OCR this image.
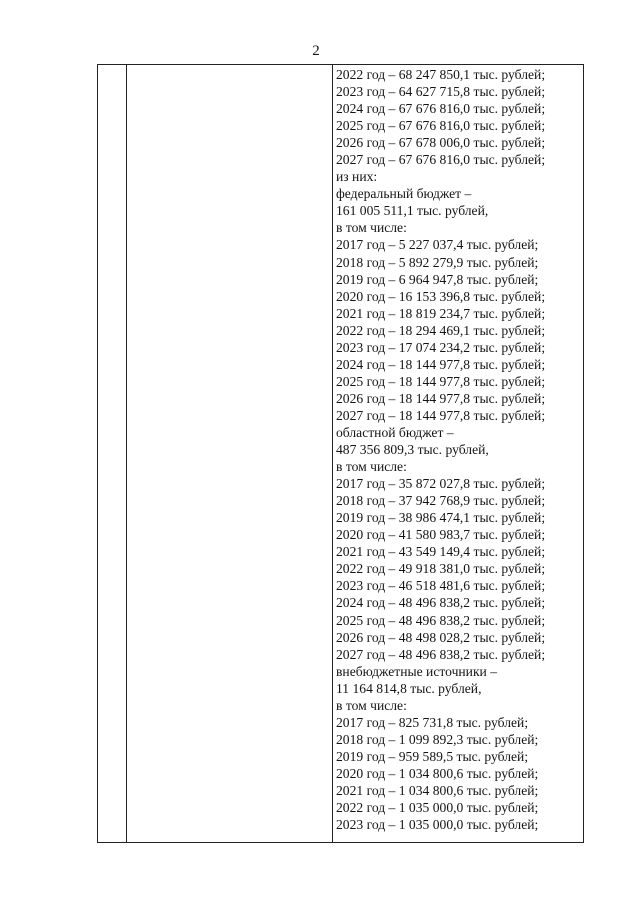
2

2022 год – 68 247 850,1 тыс. рублей;
2023 год – 64 627 715,8 тыс. рублей;
2024 год – 67 676 816,0 тыс. рублей;
2025 год – 67 676 816,0 тыс. рублей;
2026 год – 67 678 006,0 тыс. рублей;
2027 год – 67 676 816,0 тыс. рублей;
из них:
федеральный бюджет –
161 005 511,1 тыс. рублей,
в том числе:
2017 год – 5 227 037,4 тыс. рублей;
2018 год – 5 892 279,9 тыс. рублей;
2019 год – 6 964 947,8 тыс. рублей;
2020 год – 16 153 396,8 тыс. рублей;
2021 год – 18 819 234,7 тыс. рублей;
2022 год – 18 294 469,1 тыс. рублей;
2023 год – 17 074 234,2 тыс. рублей;
2024 год – 18 144 977,8 тыс. рублей;
2025 год – 18 144 977,8 тыс. рублей;
2026 год – 18 144 977,8 тыс. рублей;
2027 год – 18 144 977,8 тыс. рублей;
областной бюджет –
487 356 809,3 тыс. рублей,
в том числе:
2017 год – 35 872 027,8 тыс. рублей;
2018 год – 37 942 768,9 тыс. рублей;
2019 год – 38 986 474,1 тыс. рублей;
2020 год – 41 580 983,7 тыс. рублей;
2021 год – 43 549 149,4 тыс. рублей;
2022 год – 49 918 381,0 тыс. рублей;
2023 год – 46 518 481,6 тыс. рублей;
2024 год – 48 496 838,2 тыс. рублей;
2025 год – 48 496 838,2 тыс. рублей;
2026 год – 48 498 028,2 тыс. рублей;
2027 год – 48 496 838,2 тыс. рублей;
внебюджетные источники –
11 164 814,8 тыс. рублей,
в том числе:
2017 год – 825 731,8 тыс. рублей;
2018 год – 1 099 892,3 тыс. рублей;
2019 год – 959 589,5 тыс. рублей;
2020 год – 1 034 800,6 тыс. рублей;
2021 год – 1 034 800,6 тыс. рублей;
2022 год – 1 035 000,0 тыс. рублей;
2023 год – 1 035 000,0 тыс. рублей;
